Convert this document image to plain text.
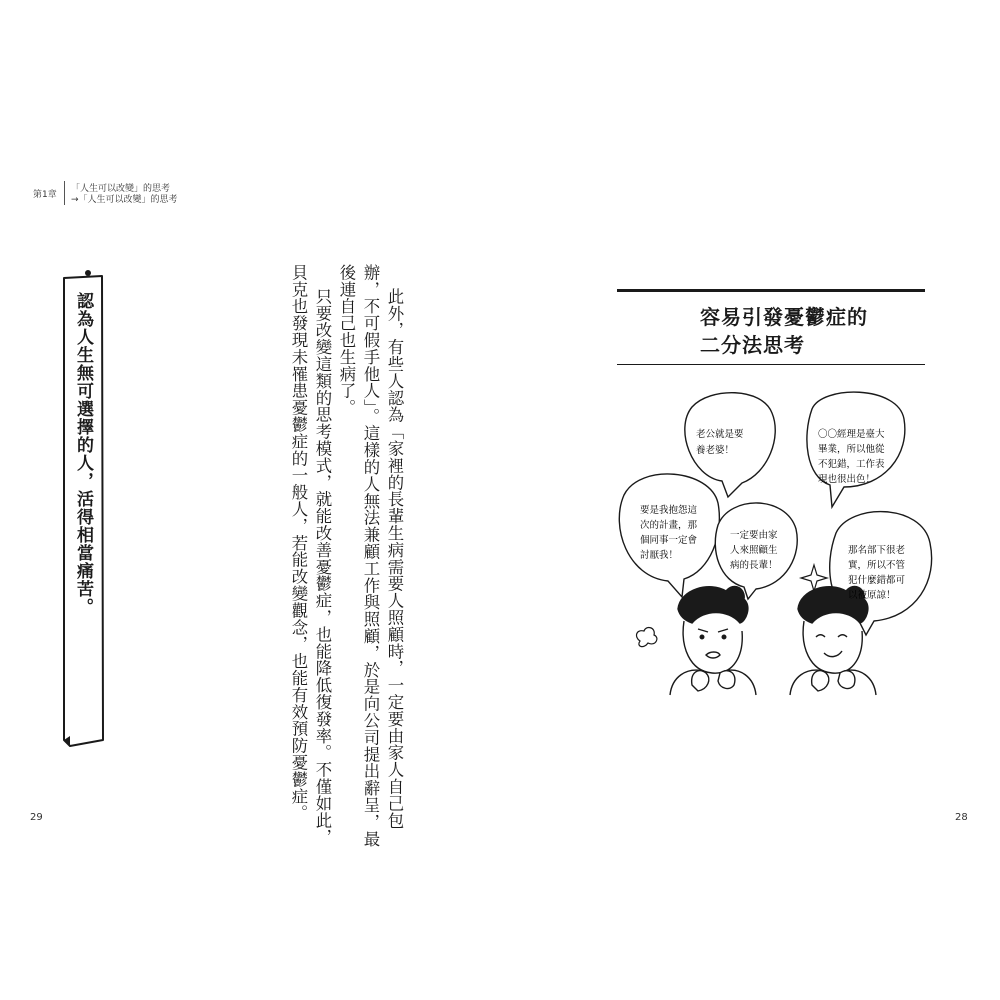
第1章
「人生可以改變」的思考
→「人生可以改變」的思考
認為人生無可選擇的人，活得相當痛苦。	此外，有些人認為「家裡的長輩生病需要人照顧時，一定要由家人自己包
辦，不可假手他人」。這樣的人無法兼顧工作與照顧，於是向公司提出辭呈，最
後連自己也生病了。
只要改變這類的思考模式，就能改善憂鬱症，也能降低復發率。不僅如此，
貝克也發現未罹患憂鬱症的一般人，若能改變觀念，也能有效預防憂鬱症。	容易引發憂鬱症的
二分法思考
老公就是要
養老婆！
要是我抱怨這
次的計畫，那
個同事一定會
討厭我！
一定要由家
人來照顧生
病的長輩！
〇〇經理是臺大
畢業，所以他從
不犯錯，工作表
現也很出色！
那名部下很老
實，所以不管
犯什麼錯都可
以被原諒！
29	28
